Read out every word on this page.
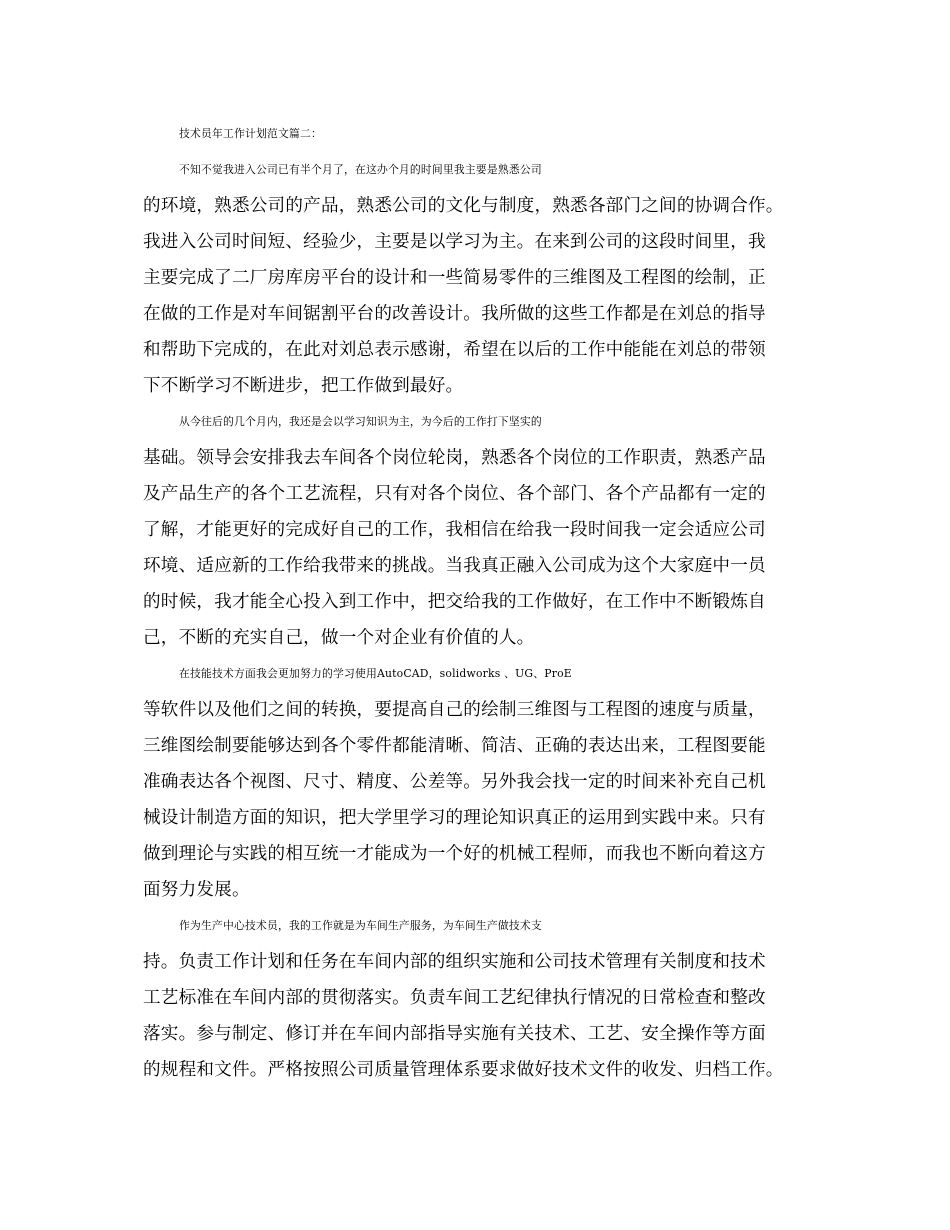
技术员年工作计划范文篇二：
不知不觉我进入公司已有半个月了，在这办个月的时间里我主要是熟悉公司
的环境，熟悉公司的产品，熟悉公司的文化与制度，熟悉各部门之间的协调合作。
我进入公司时间短、经验少，主要是以学习为主。在来到公司的这段时间里，我
主要完成了二厂房库房平台的设计和一些简易零件的三维图及工程图的绘制，正
在做的工作是对车间锯割平台的改善设计。我所做的这些工作都是在刘总的指导
和帮助下完成的，在此对刘总表示感谢，希望在以后的工作中能能在刘总的带领
下不断学习不断进步，把工作做到最好。
从今往后的几个月内，我还是会以学习知识为主，为今后的工作打下坚实的
基础。领导会安排我去车间各个岗位轮岗，熟悉各个岗位的工作职责，熟悉产品
及产品生产的各个工艺流程，只有对各个岗位、各个部门、各个产品都有一定的
了解，才能更好的完成好自己的工作，我相信在给我一段时间我一定会适应公司
环境、适应新的工作给我带来的挑战。当我真正融入公司成为这个大家庭中一员
的时候，我才能全心投入到工作中，把交给我的工作做好，在工作中不断锻炼自
己，不断的充实自己，做一个对企业有价值的人。
在技能技术方面我会更加努力的学习使用AutoCAD，solidworks 、UG、ProE
等软件以及他们之间的转换，要提高自己的绘制三维图与工程图的速度与质量，
三维图绘制要能够达到各个零件都能清晰、简洁、正确的表达出来，工程图要能
准确表达各个视图、尺寸、精度、公差等。另外我会找一定的时间来补充自己机
械设计制造方面的知识，把大学里学习的理论知识真正的运用到实践中来。只有
做到理论与实践的相互统一才能成为一个好的机械工程师，而我也不断向着这方
面努力发展。
作为生产中心技术员，我的工作就是为车间生产服务，为车间生产做技术支
持。负责工作计划和任务在车间内部的组织实施和公司技术管理有关制度和技术
工艺标准在车间内部的贯彻落实。负责车间工艺纪律执行情况的日常检查和整改
落实。参与制定、修订并在车间内部指导实施有关技术、工艺、安全操作等方面
的规程和文件。严格按照公司质量管理体系要求做好技术文件的收发、归档工作。
